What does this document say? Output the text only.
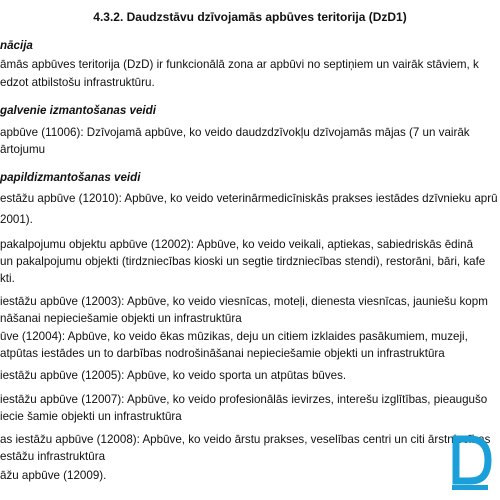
4.3.2. Daudzstāvu dzīvojamās apbūves teritorija (DzD1)
nācija
āmās apbūves teritorija (DzD) ir funkcionālā zona ar apbūvi no septiņiem un vairāk stāviem, k
edzot atbilstošu infrastruktūru.
galvenie izmantošanas veidi
apbūve (11006): Dzīvojamā apbūve, ko veido daudzdzīvokļu dzīvojamās mājas (7 un vairāk
ārtojumu
papildizmantošanas veidi
estāžu apbūve (12010): Apbūve, ko veido veterinārmedicīniskās prakses iestādes dzīvnieku aprū
2001).
pakalpojumu objektu apbūve (12002): Apbūve, ko veido veikali, aptiekas, sabiedriskās ēdinā
un pakalpojumu objekti (tirdzniecības kioski un segtie tirdzniecības stendi), restorāni, bāri, kafe
kti.
iestāžu apbūve (12003): Apbūve, ko veido viesnīcas, moteļi, dienesta viesnīcas, jauniešu kopm
nāšanai nepieciešamie objekti un infrastruktūra
ūve (12004): Apbūve, ko veido ēkas mūzikas, deju un citiem izklaides pasākumiem, muzeji,
atpūtas iestādes un to darbības nodrošināšanai nepieciešamie objekti un infrastruktūra
iestāžu apbūve (12005): Apbūve, ko veido sporta un atpūtas būves.
iestāžu apbūve (12007): Apbūve, ko veido profesionālās ievirzes, interešu izglītības, pieaugušo
iecie šamie objekti un infrastruktūra
as iestāžu apbūve (12008): Apbūve, ko veido ārstu prakses, veselības centri un citi ārstniecības
estāžu infrastruktūra
āžu apbūve (12009).
